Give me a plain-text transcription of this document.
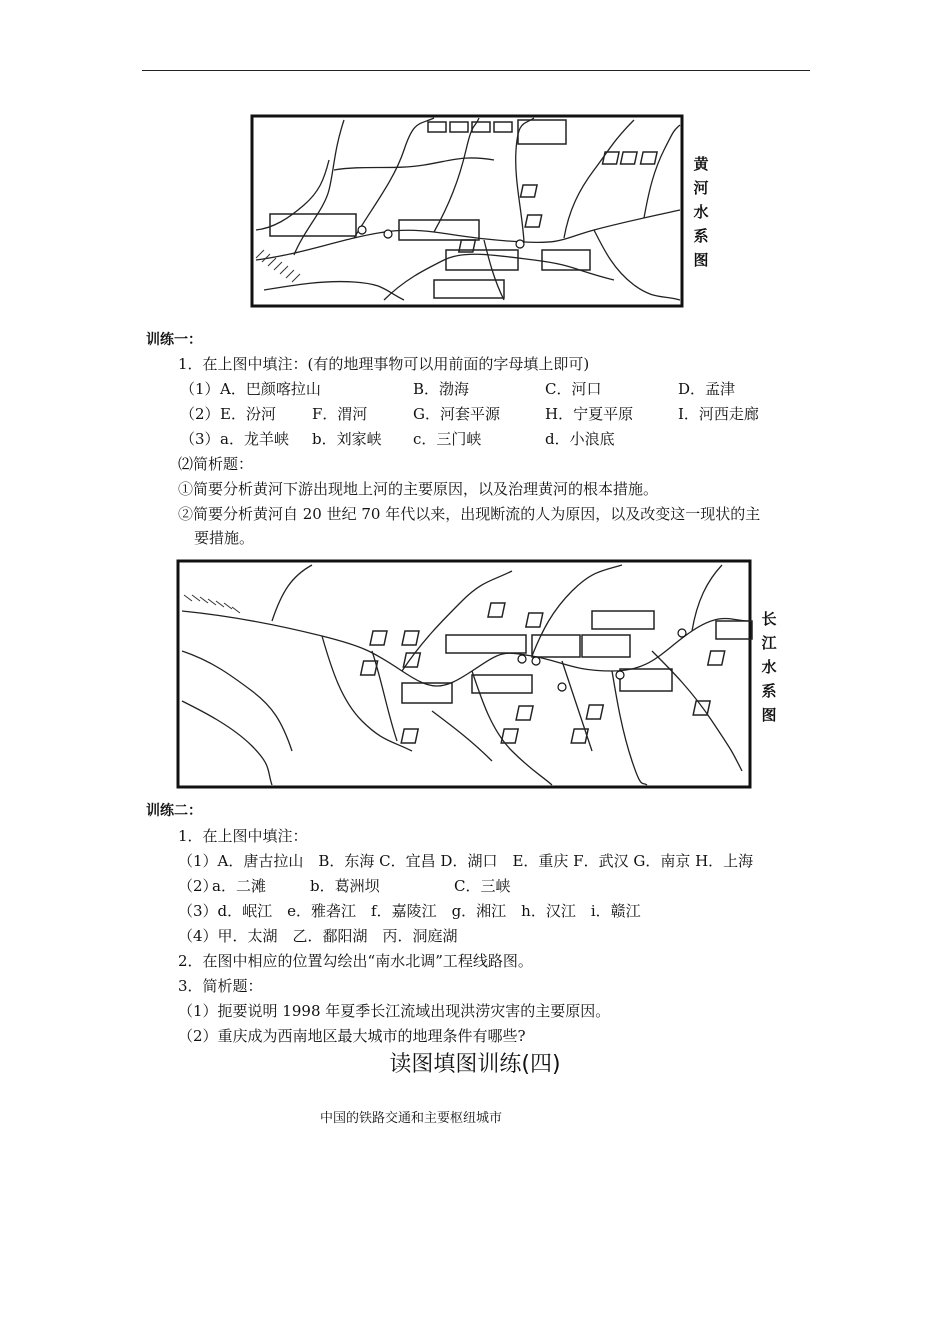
黄
河
水
系
图
训练一：
1．在上图中填注：(有的地理事物可以用前面的字母填上即可)
（1） A．巴颜喀拉山	B．渤海	C．河口	D．孟津
（2） E．汾河 F．渭河	G．河套平源	H．宁夏平原	I．河西走廊
（3） a．龙羊峡 b．刘家峡 c．三门峡	d．小浪底
⑵简析题：
①简要分析黄河下游出现地上河的主要原因，以及治理黄河的根本措施。
②简要分析黄河自 20 世纪 70 年代以来，出现断流的人为原因，以及改变这一现状的主
要措施。
长
江
水
系
图
训练二：
1．在上图中填注：
（1）A．唐古拉山　B．东海 C．宜昌 D．湖口　E．重庆 F．武汉 G．南京 H．上海
（2）
a．二滩	b．葛洲坝	C．三峡
（3）d．岷江　e．雅砻江　f．嘉陵江　g．湘江　h．汉江　i．赣江
（4）甲．太湖　乙．鄱阳湖　丙．洞庭湖
2．在图中相应的位置勾绘出“南水北调”工程线路图。
3．简析题：
（1）扼要说明 1998 年夏季长江流域出现洪涝灾害的主要原因。
（2）重庆成为西南地区最大城市的地理条件有哪些?
读图填图训练(四)
中国的铁路交通和主要枢纽城市
